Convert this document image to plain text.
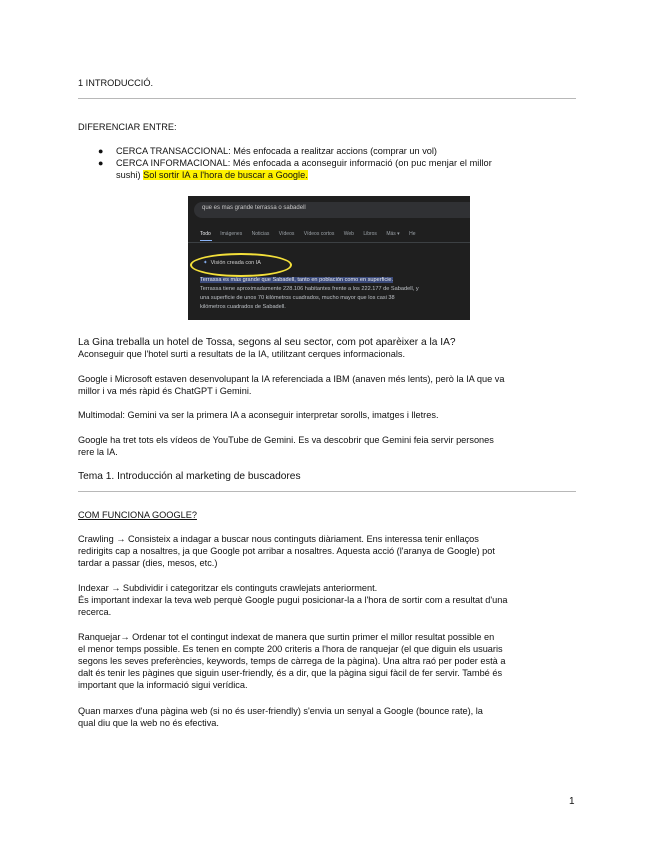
1 INTRODUCCIÓ.
DIFERENCIAR ENTRE:
● CERCA TRANSACCIONAL: Més enfocada a realitzar accions (comprar un vol)
● CERCA INFORMACIONAL: Més enfocada a aconseguir informació (on puc menjar el millor
sushi) Sol sortir IA a l'hora de buscar a Google.
que es mas grande terrassa o sabadell
Todo Imágenes Noticias Vídeos Vídeos cortos Web Libros Más ▾ He
✦ Visión creada con IA
Terrassa es más grande que Sabadell, tanto en población como en superficie.
Terrassa tiene aproximadamente 228.106 habitantes frente a los 222.177 de Sabadell, y
una superficie de unos 70 kilómetros cuadrados, mucho mayor que los casi 38
kilómetros cuadrados de Sabadell.
La Gina treballa un hotel de Tossa, segons al seu sector, com pot aparèixer a la IA?
Aconseguir que l'hotel surti a resultats de la IA, utilitzant cerques informacionals.
Google i Microsoft estaven desenvolupant la IA referenciada a IBM (anaven més lents), però la IA que va
millor i va més ràpid és ChatGPT i Gemini.
Multimodal: Gemini va ser la primera IA a aconseguir interpretar sorolls, imatges i lletres.
Google ha tret tots els vídeos de YouTube de Gemini. Es va descobrir que Gemini feia servir persones
rere la IA.
Tema 1. Introducción al marketing de buscadores
COM FUNCIONA GOOGLE?
Crawling → Consisteix a indagar a buscar nous continguts diàriament. Ens interessa tenir enllaços
redirigits cap a nosaltres, ja que Google pot arribar a nosaltres. Aquesta acció (l'aranya de Google) pot
tardar a passar (dies, mesos, etc.)
Indexar → Subdividir i categoritzar els continguts crawlejats anteriorment.
És important indexar la teva web perquè Google pugui posicionar-la a l'hora de sortir com a resultat d'una
recerca.
Ranquejar→ Ordenar tot el contingut indexat de manera que surtin primer el millor resultat possible en
el menor temps possible. Es tenen en compte 200 criteris a l'hora de ranquejar (el que diguin els usuaris
segons les seves preferències, keywords, temps de càrrega de la pàgina). Una altra raó per poder està a
dalt és tenir les pàgines que siguin user-friendly, és a dir, que la pàgina sigui fàcil de fer servir. També és
important que la informació sigui verídica.
Quan marxes d'una pàgina web (si no és user-friendly) s'envia un senyal a Google (bounce rate), la
qual diu que la web no és efectiva.
1
